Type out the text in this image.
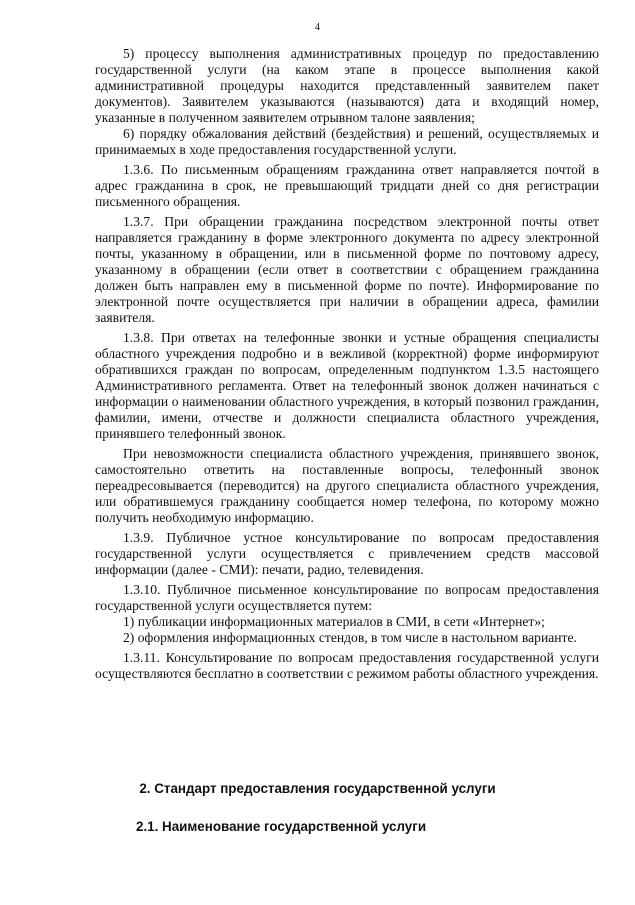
4

5) процессу выполнения административных процедур по предоставлению государственной услуги (на каком этапе в процессе выполнения какой административной процедуры находится представленный заявителем пакет документов). Заявителем указываются (называются) дата и входящий номер, указанные в полученном заявителем отрывном талоне заявления;

6) порядку обжалования действий (бездействия) и решений, осуществляемых и принимаемых в ходе предоставления государственной услуги.

1.3.6. По письменным обращениям гражданина ответ направляется почтой в адрес гражданина в срок, не превышающий тридцати дней со дня регистрации письменного обращения.

1.3.7. При обращении гражданина посредством электронной почты ответ направляется гражданину в форме электронного документа по адресу электронной почты, указанному в обращении, или в письменной форме по почтовому адресу, указанному в обращении (если ответ в соответствии с обращением гражданина должен быть направлен ему в письменной форме по почте). Информирование по электронной почте осуществляется при наличии в обращении адреса, фамилии заявителя.

1.3.8. При ответах на телефонные звонки и устные обращения специалисты областного учреждения подробно и в вежливой (корректной) форме информируют обратившихся граждан по вопросам, определенным подпунктом 1.3.5 настоящего Административного регламента. Ответ на телефонный звонок должен начинаться с информации о наименовании областного учреждения, в который позвонил гражданин, фамилии, имени, отчестве и должности специалиста областного учреждения, принявшего телефонный звонок.

При невозможности специалиста областного учреждения, принявшего звонок, самостоятельно ответить на поставленные вопросы, телефонный звонок переадресовывается (переводится) на другого специалиста областного учреждения, или обратившемуся гражданину сообщается номер телефона, по которому можно получить необходимую информацию.

1.3.9. Публичное устное консультирование по вопросам предоставления государственной услуги осуществляется с привлечением средств массовой информации (далее - СМИ): печати, радио, телевидения.

1.3.10. Публичное письменное консультирование по вопросам предоставления государственной услуги осуществляется путем:

1) публикации информационных материалов в СМИ, в сети «Интернет»;

2) оформления информационных стендов, в том числе в настольном варианте.

1.3.11. Консультирование по вопросам предоставления государственной услуги осуществляются бесплатно в соответствии с режимом работы областного учреждения.

2. Стандарт предоставления государственной услуги
2.1. Наименование государственной услуги
